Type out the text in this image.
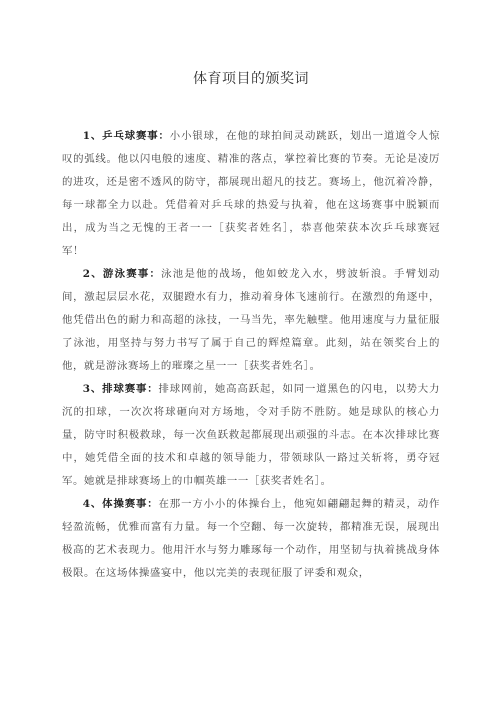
体育项目的颁奖词

1、乒乓球赛事：小小银球，在他的球拍间灵动跳跃，划出一道道令人惊叹的弧线。他以闪电般的速度、精准的落点，掌控着比赛的节奏。无论是凌厉的进攻，还是密不透风的防守，都展现出超凡的技艺。赛场上，他沉着冷静，每一球都全力以赴。凭借着对乒乓球的热爱与执着，他在这场赛事中脱颖而出，成为当之无愧的王者一一［获奖者姓名］，恭喜他荣获本次乒乓球赛冠军！

2、游泳赛事：泳池是他的战场，他如蛟龙入水，劈波斩浪。手臂划动间，激起层层水花，双腿蹬水有力，推动着身体飞速前行。在激烈的角逐中，他凭借出色的耐力和高超的泳技，一马当先，率先触壁。他用速度与力量征服了泳池，用坚持与努力书写了属于自己的辉煌篇章。此刻，站在领奖台上的他，就是游泳赛场上的璀璨之星一一［获奖者姓名］。

3、排球赛事：排球网前，她高高跃起，如同一道黑色的闪电，以势大力沉的扣球，一次次将球砸向对方场地，令对手防不胜防。她是球队的核心力量，防守时积极救球，每一次鱼跃救起都展现出顽强的斗志。在本次排球比赛中，她凭借全面的技术和卓越的领导能力，带领球队一路过关斩将，勇夺冠军。她就是排球赛场上的巾帼英雄一一［获奖者姓名］。

4、体操赛事：在那一方小小的体操台上，他宛如翩翩起舞的精灵，动作轻盈流畅，优雅而富有力量。每一个空翻、每一次旋转，都精准无误，展现出极高的艺术表现力。他用汗水与努力雕琢每一个动作，用坚韧与执着挑战身体极限。在这场体操盛宴中，他以完美的表现征服了评委和观众，
